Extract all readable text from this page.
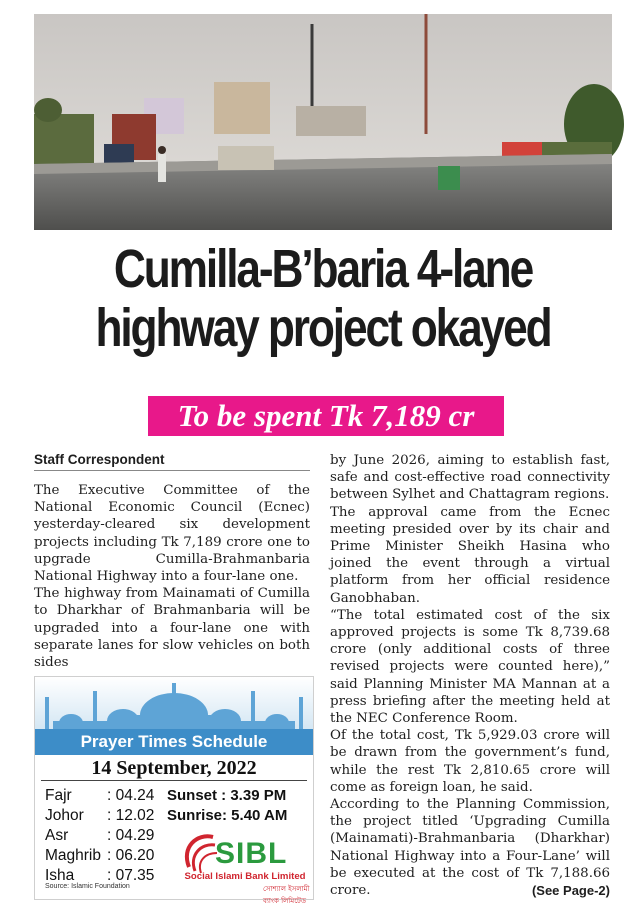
Cumilla-B’baria 4-lane
highway project okayed
To be spent Tk 7,189 cr
Staff Correspondent

The Executive Committee of the National Economic Council (Ecnec) yesterday-cleared six development projects including Tk 7,189 crore one to upgrade Cumilla-Brahmanbaria National Highway into a four-lane one.

The highway from Mainamati of Cumilla to Dharkhar of Brahmanbaria will be upgraded into a four-lane one with separate lanes for slow vehicles on both sides

by June 2026, aiming to establish fast, safe and cost-effective road connectivity between Sylhet and Chattagram regions.

The approval came from the Ecnec meeting presided over by its chair and Prime Minister Sheikh Hasina who joined the event through a virtual platform from her official residence Ganobhaban.

“The total estimated cost of the six approved projects is some Tk 8,739.68 crore (only additional costs of three revised projects were counted here),” said Planning Minister MA Mannan at a press briefing after the meeting held at the NEC Conference Room.

Of the total cost, Tk 5,929.03 crore will be drawn from the government’s fund, while the rest Tk 2,810.65 crore will come as foreign loan, he said.

According to the Planning Commission, the project titled ‘Upgrading Cumilla (Mainamati)-Brahmanbaria (Dharkhar) National Highway into a Four-Lane’ will be executed at the cost of Tk 7,188.66 crore.	(See Page-2)

Prayer Times Schedule
14 September, 2022
Fajr : 04.24
Johor : 12.02
Asr	: 04.29
Maghrib : 06.20
Isha : 07.35
Sunset : 3.39 PM
Sunrise: 5.40 AM
SIBL
Social Islami Bank Limited
সোশ্যাল ইসলামী ব্যাংক লিমিটেড
Source: Islamic Foundation
